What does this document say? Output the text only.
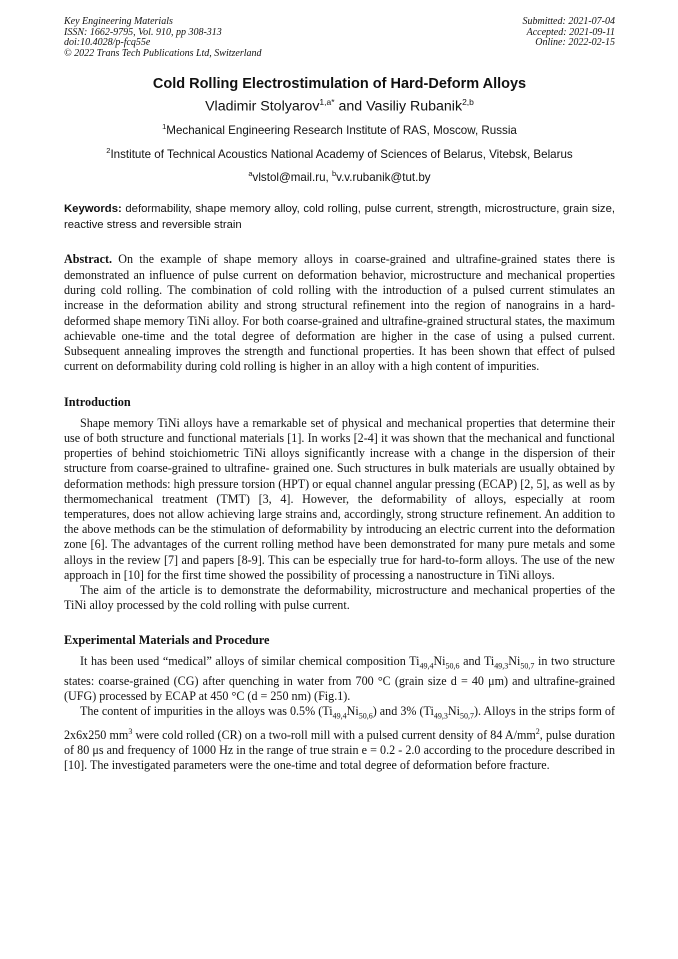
Key Engineering Materials
ISSN: 1662-9795, Vol. 910, pp 308-313
doi:10.4028/p-fcq55e
© 2022 Trans Tech Publications Ltd, Switzerland
Submitted: 2021-07-04
Accepted: 2021-09-11
Online: 2022-02-15
Cold Rolling Electrostimulation of Hard-Deform Alloys
Vladimir Stolyarov$^{1,a*}$ and Vasiliy Rubanik$^{2,b}$
$^1$Mechanical Engineering Research Institute of RAS, Moscow, Russia
$^2$Institute of Technical Acoustics National Academy of Sciences of Belarus, Vitebsk, Belarus
$^a$vlstol@mail.ru, $^b$v.v.rubanik@tut.by
Keywords: deformability, shape memory alloy, cold rolling, pulse current, strength, microstructure, grain size, reactive stress and reversible strain
Abstract. On the example of shape memory alloys in coarse-grained and ultrafine-grained states there is demonstrated an influence of pulse current on deformation behavior, microstructure and mechanical properties during cold rolling. The combination of cold rolling with the introduction of a pulsed current stimulates an increase in the deformation ability and strong structural refinement into the region of nanograins in a hard-deformed shape memory TiNi alloy. For both coarse-grained and ultrafine-grained structural states, the maximum achievable one-time and the total degree of deformation are higher in the case of using a pulsed current. Subsequent annealing improves the strength and functional properties. It has been shown that effect of pulsed current on deformability during cold rolling is higher in an alloy with a high content of impurities.
Introduction

Shape memory TiNi alloys have a remarkable set of physical and mechanical properties that determine their use of both structure and functional materials [1]. In works [2-4] it was shown that the mechanical and functional properties of behind stoichiometric TiNi alloys significantly increase with a change in the dispersion of their structure from coarse-grained to ultrafine- grained one. Such structures in bulk materials are usually obtained by deformation methods: high pressure torsion (HPT) or equal channel angular pressing (ECAP) [2, 5], as well as by thermomechanical treatment (TMT) [3, 4]. However, the deformability of alloys, especially at room temperatures, does not allow achieving large strains and, accordingly, strong structure refinement. An addition to the above methods can be the stimulation of deformability by introducing an electric current into the deformation zone [6]. The advantages of the current rolling method have been demonstrated for many pure metals and some alloys in the review [7] and papers [8-9]. This can be especially true for hard-to-form alloys. The use of the new approach in [10] for the first time showed the possibility of processing a nanostructure in TiNi alloys.

The aim of the article is to demonstrate the deformability, microstructure and mechanical properties of the TiNi alloy processed by the cold rolling with pulse current.

Experimental Materials and Procedure

It has been used “medical” alloys of similar chemical composition $Ti_{49,4}Ni_{50,6}$ and $Ti_{49,3}Ni_{50,7}$ in two structure states: coarse-grained (CG) after quenching in water from 700 °C (grain size d = 40 μm) and ultrafine-grained (UFG) processed by ECAP at 450 °C (d = 250 nm) (Fig.1).

The content of impurities in the alloys was 0.5% $(Ti_{49,4}Ni_{50,6})$ and 3% $(Ti_{49,3}Ni_{50,7})$. Alloys in the strips form of 2x6x250 $mm^3$ were cold rolled (CR) on a two-roll mill with a pulsed current density of 84 $A/mm^2$, pulse duration of 80 μs and frequency of 1000 Hz in the range of true strain e = 0.2 - 2.0 according to the procedure described in [10]. The investigated parameters were the one-time and total degree of deformation before fracture.
